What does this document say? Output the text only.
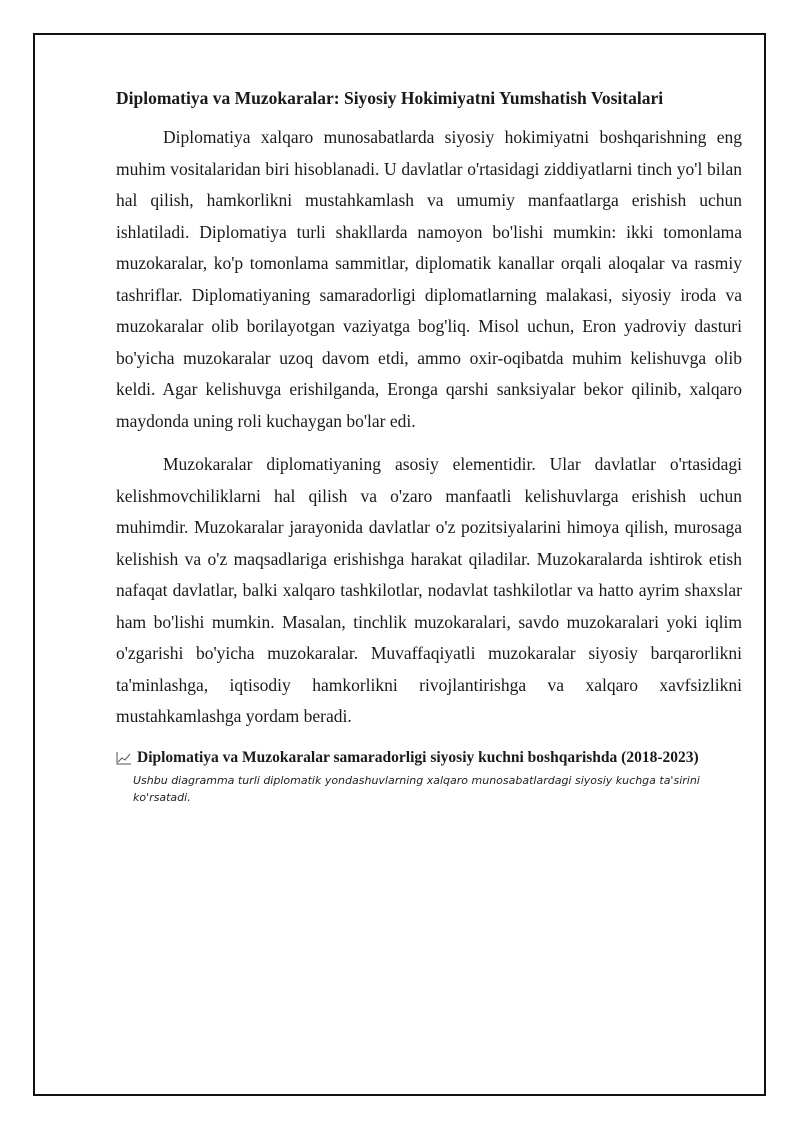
Diplomatiya va Muzokaralar: Siyosiy Hokimiyatni Yumshatish Vositalari

Diplomatiya xalqaro munosabatlarda siyosiy hokimiyatni boshqarishning eng muhim vositalaridan biri hisoblanadi. U davlatlar o'rtasidagi ziddiyatlarni tinch yo'l bilan hal qilish, hamkorlikni mustahkamlash va umumiy manfaatlarga erishish uchun ishlatiladi. Diplomatiya turli shakllarda namoyon bo'lishi mumkin: ikki tomonlama muzokaralar, ko'p tomonlama sammitlar, diplomatik kanallar orqali aloqalar va rasmiy tashriflar. Diplomatiyaning samaradorligi diplomatlarning malakasi, siyosiy iroda va muzokaralar olib borilayotgan vaziyatga bog'liq. Misol uchun, Eron yadroviy dasturi bo'yicha muzokaralar uzoq davom etdi, ammo oxir-oqibatda muhim kelishuvga olib keldi. Agar kelishuvga erishilganda, Eronga qarshi sanksiyalar bekor qilinib, xalqaro maydonda uning roli kuchaygan bo'lar edi.

Muzokaralar diplomatiyaning asosiy elementidir. Ular davlatlar o'rtasidagi kelishmovchiliklarni hal qilish va o'zaro manfaatli kelishuvlarga erishish uchun muhimdir. Muzokaralar jarayonida davlatlar o'z pozitsiyalarini himoya qilish, murosaga kelishish va o'z maqsadlariga erishishga harakat qiladilar. Muzokaralarda ishtirok etish nafaqat davlatlar, balki xalqaro tashkilotlar, nodavlat tashkilotlar va hatto ayrim shaxslar ham bo'lishi mumkin. Masalan, tinchlik muzokaralari, savdo muzokaralari yoki iqlim o'zgarishi bo'yicha muzokaralar. Muvaffaqiyatli muzokaralar siyosiy barqarorlikni ta'minlashga, iqtisodiy hamkorlikni rivojlantirishga va xalqaro xavfsizlikni mustahkamlashga yordam beradi.

Diplomatiya va Muzokaralar samaradorligi siyosiy kuchni boshqarishda (2018-2023)
Ushbu diagramma turli diplomatik yondashuvlarning xalqaro munosabatlardagi siyosiy kuchga ta'sirini ko'rsatadi.
